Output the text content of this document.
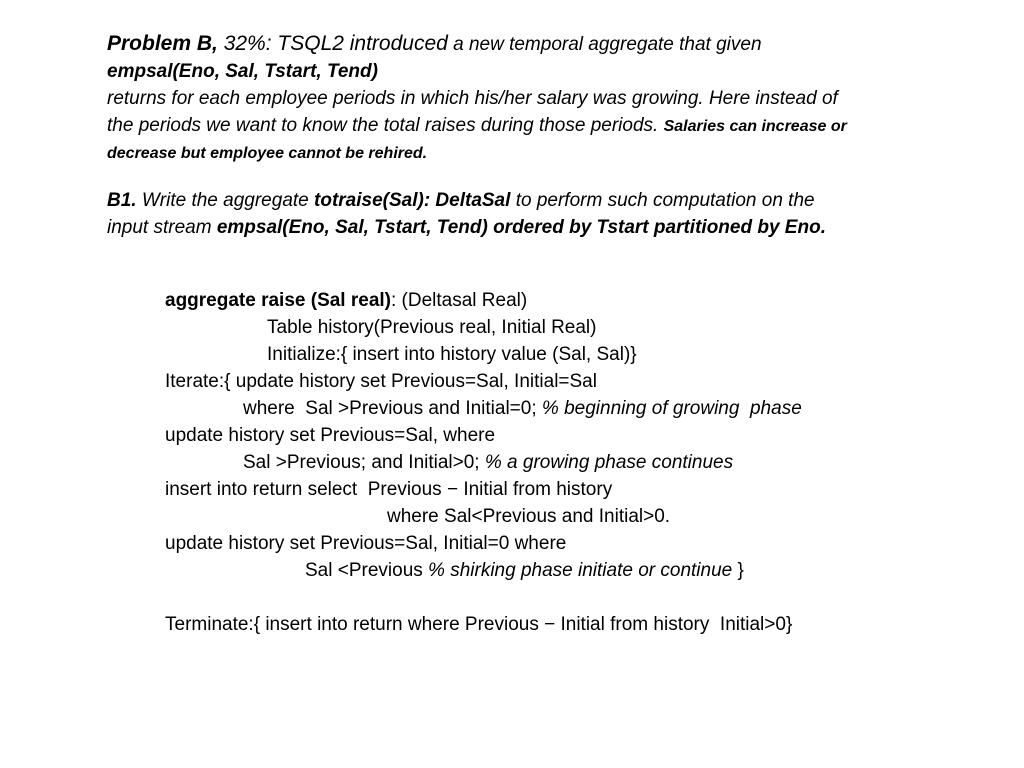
Problem B, 32%: TSQL2 introduced a new temporal aggregate that given
empsal(Eno, Sal, Tstart, Tend)
returns for each employee periods in which his/her salary was growing. Here instead of
the periods we want to know the total raises during those periods. Salaries can increase or
decrease but employee cannot be rehired.
B1. Write the aggregate totraise(Sal): DeltaSal to perform such computation on the
input stream empsal(Eno, Sal, Tstart, Tend) ordered by Tstart partitioned by Eno.
aggregate raise (Sal real): (Deltasal Real)
Table history(Previous real, Initial Real)
Initialize:{ insert into history value (Sal, Sal)}
Iterate:{ update history set Previous=Sal, Initial=Sal
where  Sal >Previous and Initial=0; % beginning of growing  phase
update history set Previous=Sal, where
Sal >Previous; and Initial>0; % a growing phase continues
insert into return select  Previous − Initial from history
where Sal<Previous and Initial>0.
update history set Previous=Sal, Initial=0 where
Sal <Previous % shirking phase initiate or continue }
Terminate:{ insert into return where Previous − Initial from history  Initial>0}
